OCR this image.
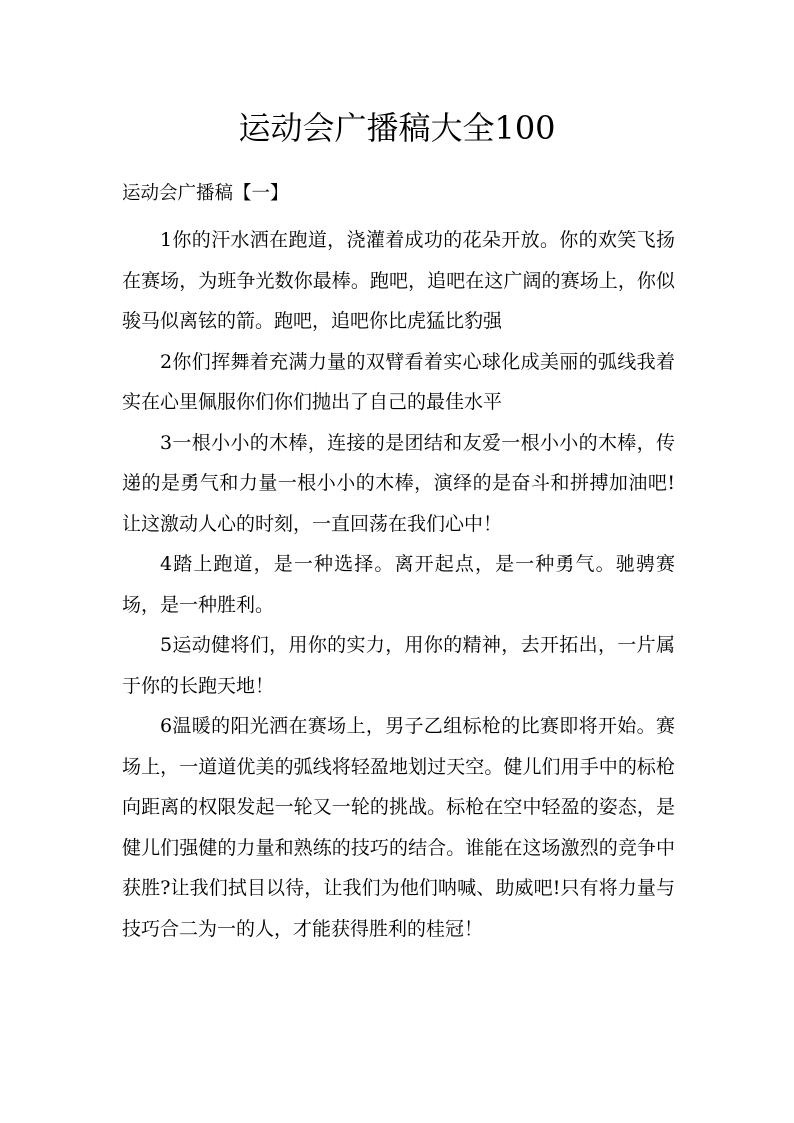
运动会广播稿大全100

运动会广播稿【一】

1你的汗水洒在跑道，浇灌着成功的花朵开放。你的欢笑飞扬在赛场，为班争光数你最棒。跑吧，追吧在这广阔的赛场上，你似骏马似离铉的箭。跑吧，追吧你比虎猛比豹强

2你们挥舞着充满力量的双臂看着实心球化成美丽的弧线我着实在心里佩服你们你们抛出了自己的最佳水平

3一根小小的木棒，连接的是团结和友爱一根小小的木棒，传递的是勇气和力量一根小小的木棒，演绎的是奋斗和拼搏加油吧!让这激动人心的时刻，一直回荡在我们心中！

4踏上跑道，是一种选择。离开起点，是一种勇气。驰骋赛场，是一种胜利。

5运动健将们，用你的实力，用你的精神，去开拓出，一片属于你的长跑天地！

6温暖的阳光洒在赛场上，男子乙组标枪的比赛即将开始。赛场上，一道道优美的弧线将轻盈地划过天空。健儿们用手中的标枪向距离的权限发起一轮又一轮的挑战。标枪在空中轻盈的姿态，是健儿们强健的力量和熟练的技巧的结合。谁能在这场激烈的竞争中获胜?让我们拭目以待，让我们为他们呐喊、助威吧!只有将力量与技巧合二为一的人，才能获得胜利的桂冠！
